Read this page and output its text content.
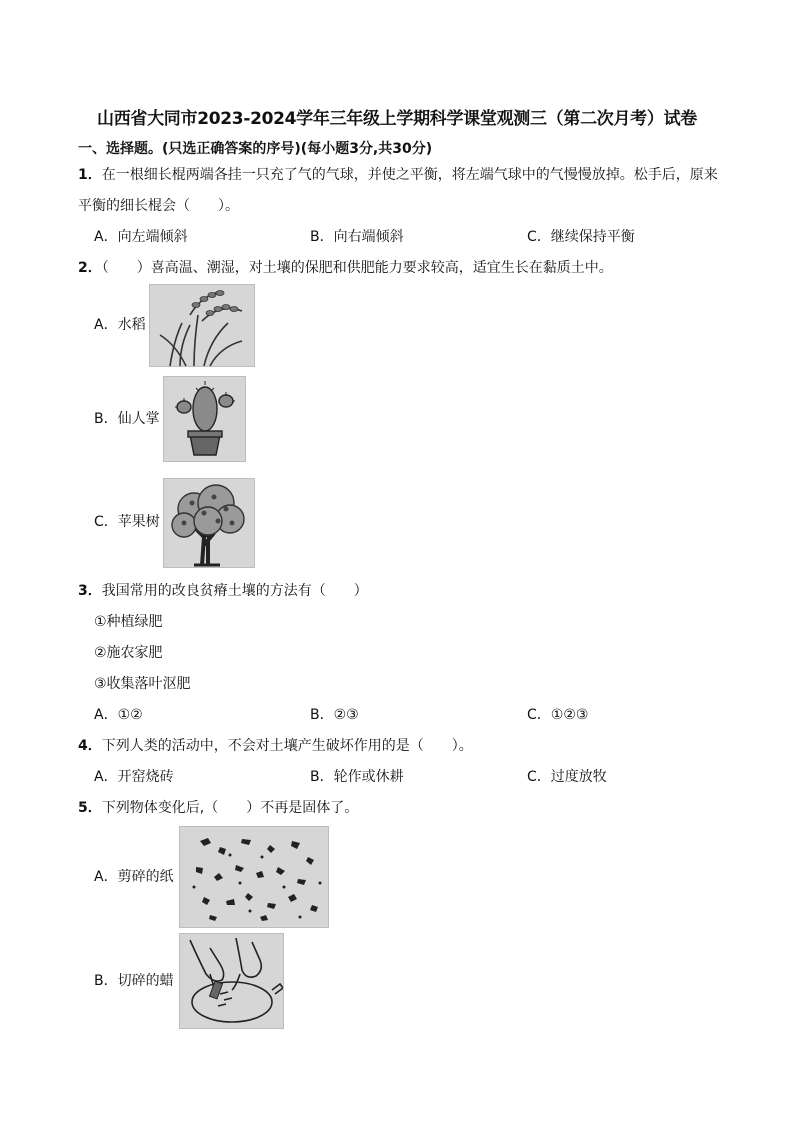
山西省大同市2023-2024学年三年级上学期科学课堂观测三（第二次月考）试卷
一、选择题。(只选正确答案的序号)(每小题3分,共30分)
1．在一根细长棍两端各挂一只充了气的气球，并使之平衡，将左端气球中的气慢慢放掉。松手后，原来
平衡的细长棍会（　　）。
A．向左端倾斜	B．向右端倾斜	C．继续保持平衡
2．（　　）喜高温、潮湿，对土壤的保肥和供肥能力要求较高，适宜生长在黏质土中。
A．水稻
B．仙人掌
C．苹果树
3．我国常用的改良贫瘠土壤的方法有（　　）
①种植绿肥
②施农家肥
③收集落叶沤肥
A．①②	B．②③	C．①②③
4．下列人类的活动中，不会对土壤产生破坏作用的是（　　）。
A．开窑烧砖	B．轮作或休耕	C．过度放牧
5．下列物体变化后,（　　）不再是固体了。
A．剪碎的纸
B．切碎的蜡
